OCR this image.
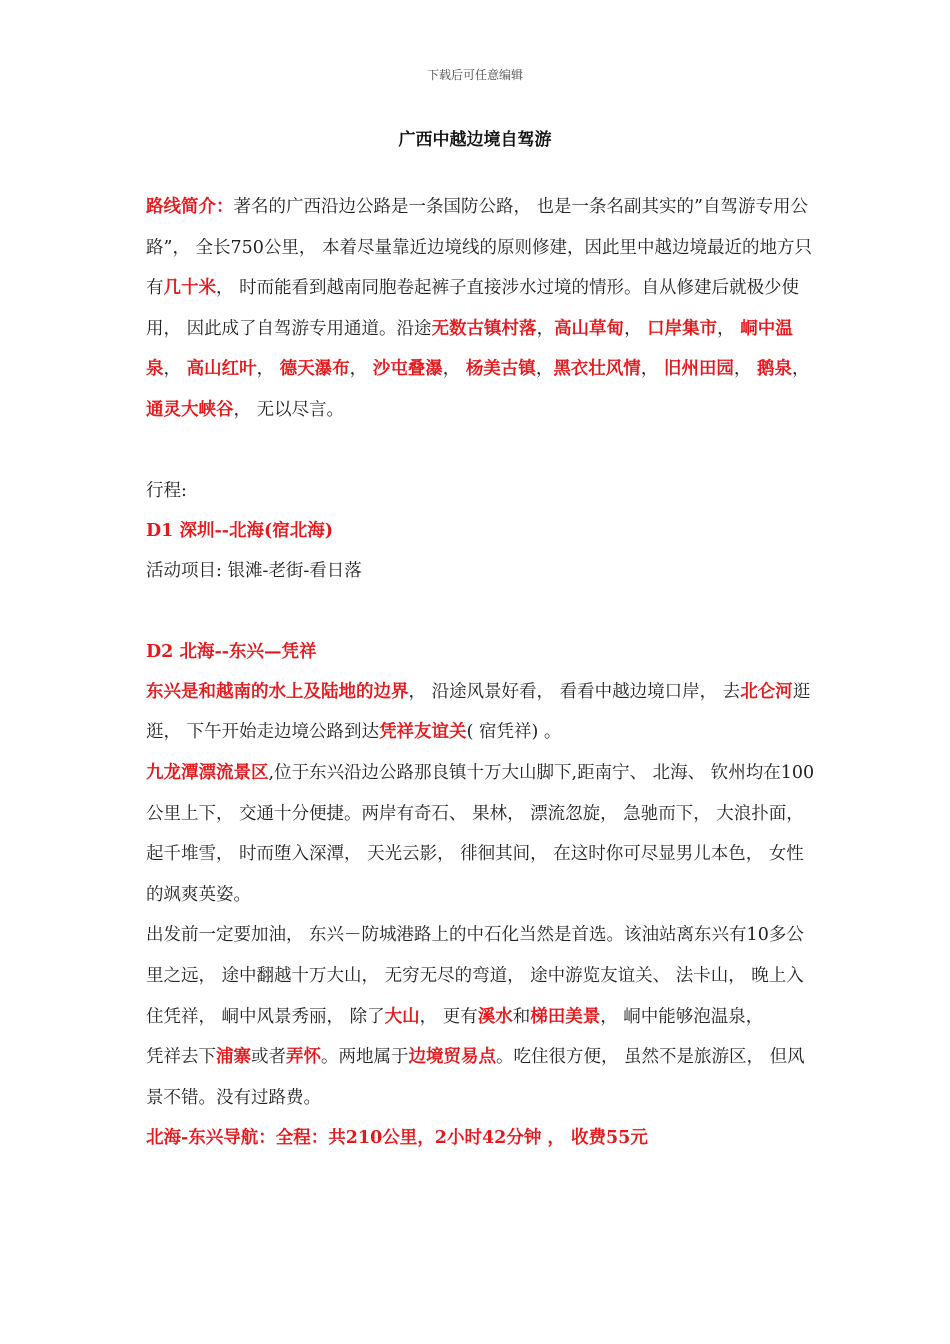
下载后可任意编辑
广西中越边境自驾游

路线简介：著名的广西沿边公路是一条国防公路， 也是一条名副其实的”自驾游专用公路”， 全长750公里， 本着尽量靠近边境线的原则修建，因此里中越边境最近的地方只有几十米， 时而能看到越南同胞卷起裤子直接涉水过境的情形。自从修建后就极少使用， 因此成了自驾游专用通道。沿途无数古镇村落，高山草甸， 口岸集市， 峒中温泉， 高山红叶， 德天瀑布， 沙屯叠瀑， 杨美古镇，黑衣壮风情， 旧州田园， 鹅泉， 通灵大峡谷， 无以尽言。

行程:

D1 深圳--北海(宿北海)

活动项目: 银滩-老街-看日落

D2 北海--东兴—凭祥

东兴是和越南的水上及陆地的边界， 沿途风景好看， 看看中越边境口岸， 去北仑河逛逛， 下午开始走边境公路到达凭祥友谊关( 宿凭祥) 。

九龙潭漂流景区,位于东兴沿边公路那良镇十万大山脚下,距南宁、 北海、 钦州均在100公里上下， 交通十分便捷。两岸有奇石、 果林， 漂流忽旋， 急驰而下， 大浪扑面， 起千堆雪， 时而堕入深潭， 天光云影， 徘徊其间， 在这时你可尽显男儿本色， 女性的飒爽英姿。

出发前一定要加油， 东兴－防城港路上的中石化当然是首选。该油站离东兴有10多公里之远， 途中翻越十万大山， 无穷无尽的弯道， 途中游览友谊关、 法卡山， 晚上入住凭祥， 峒中风景秀丽， 除了大山， 更有溪水和梯田美景， 峒中能够泡温泉，

凭祥去下浦寨或者弄怀。两地属于边境贸易点。吃住很方便， 虽然不是旅游区， 但风景不错。没有过路费。

北海-东兴导航：全程：共210公里，2小时42分钟 ， 收费55元
